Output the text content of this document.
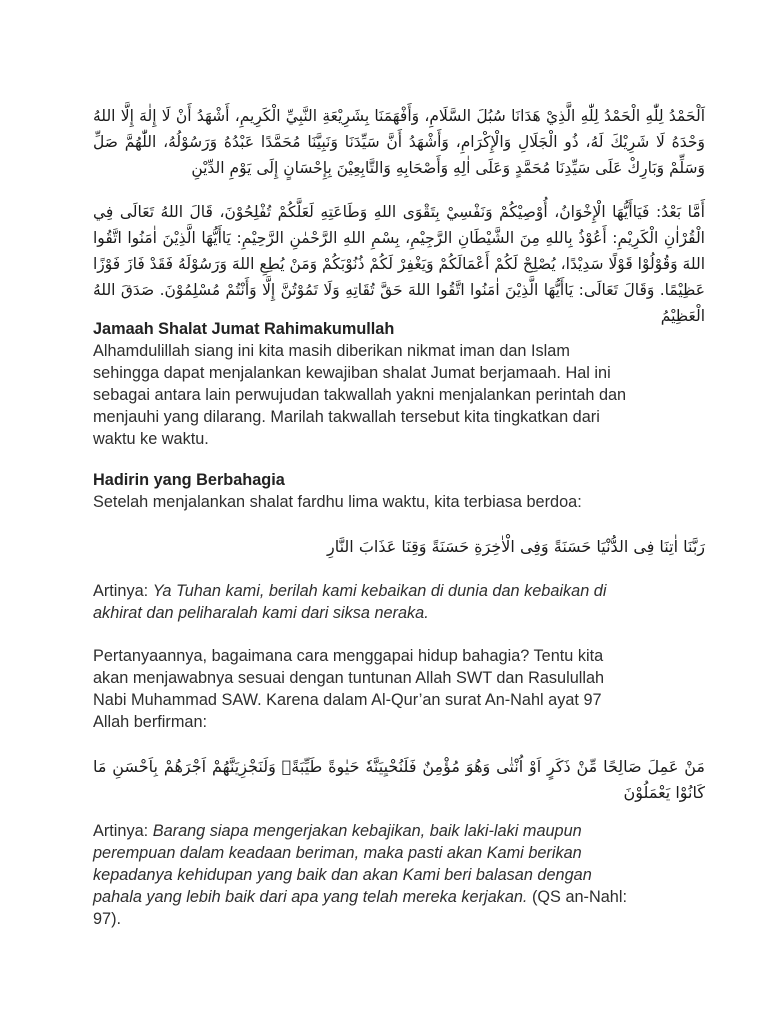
اَلْحَمْدُ لِلّٰهِ الْحَمْدُ لِلّٰهِ الَّذِيْ هَدَانَا سُبُلَ السَّلَامِ، وَأَفْهَمَنَا بِشَرِيْعَةِ النَّبِيِّ الْكَرِيمِ، أَشْهَدُ أَنْ لَا إِلٰهَ إِلَّا اللهُ وَحْدَهُ لَا شَرِيْكَ لَهُ، ذُو الْجَلَالِ وَالْإِكْرَامِ، وَأَشْهَدُ أَنَّ سَيِّدَنَا وَنَبِيَّنَا مُحَمَّدًا عَبْدُهُ وَرَسُوْلُهُ، اللّٰهُمَّ صَلِّ وَسَلِّمْ وَبَارِكْ عَلَى سَيِّدِنَا مُحَمَّدٍ وَعَلَى اٰلِهِ وَأَصْحَابِهِ وَالتَّابِعِيْنَ بِإِحْسَانٍ إِلَى يَوْمِ الدِّيْنِ
أَمَّا بَعْدُ: فَيَاأَيُّهَا الْإِخْوَانُ، أُوْصِيْكُمْ وَنَفْسِيْ بِتَقْوَى اللهِ وَطَاعَتِهِ لَعَلَّكُمْ تُفْلِحُوْنَ، قَالَ اللهُ تَعَالَى فِي الْقُرْاٰنِ الْكَرِيْمِ: أَعُوْذُ بِاللهِ مِنَ الشَّيْطَانِ الرَّجِيْمِ، بِسْمِ اللهِ الرَّحْمٰنِ الرَّحِيْمِ: يَاأَيُّهَا الَّذِيْنَ اٰمَنُوا اتَّقُوا اللهَ وَقُوْلُوْا قَوْلًا سَدِيْدًا، يُصْلِحْ لَكُمْ أَعْمَالَكُمْ وَيَغْفِرْ لَكُمْ ذُنُوْبَكُمْ وَمَنْ يُطِعِ اللهَ وَرَسُوْلَهُ فَقَدْ فَازَ فَوْزًا عَظِيْمًا. وَقَالَ تَعَالَى: يَاأَيُّهَا الَّذِيْنَ اٰمَنُوا اتَّقُوا اللهَ حَقَّ تُقَاتِهِ وَلَا تَمُوْتُنَّ إِلَّا وَأَنْتُمْ مُسْلِمُوْنَ. صَدَقَ اللهُ الْعَظِيْمُ
Jamaah Shalat Jumat Rahimakumullah
Alhamdulillah siang ini kita masih diberikan nikmat iman dan Islam
sehingga dapat menjalankan kewajiban shalat Jumat berjamaah. Hal ini
sebagai antara lain perwujudan takwallah yakni menjalankan perintah dan
menjauhi yang dilarang. Marilah takwallah tersebut kita tingkatkan dari
waktu ke waktu.
Hadirin yang Berbahagia
Setelah menjalankan shalat fardhu lima waktu, kita terbiasa berdoa:
رَبَّنَا اٰتِنَا فِى الدُّنْيَا حَسَنَةً وَفِى الْاٰخِرَةِ حَسَنَةً وَقِنَا عَذَابَ النَّارِ
Artinya: Ya Tuhan kami, berilah kami kebaikan di dunia dan kebaikan di
akhirat dan peliharalah kami dari siksa neraka.
Pertanyaannya, bagaimana cara menggapai hidup bahagia? Tentu kita
akan menjawabnya sesuai dengan tuntunan Allah SWT dan Rasulullah
Nabi Muhammad SAW. Karena dalam Al-Qur’an surat An-Nahl ayat 97
Allah berfirman:
مَنْ عَمِلَ صَالِحًا مِّنْ ذَكَرٍ اَوْ اُنْثٰى وَهُوَ مُؤْمِنٌ فَلَنُحْيِيَنَّهٗ حَيٰوةً طَيِّبَةًۚ وَلَنَجْزِيَنَّهُمْ اَجْرَهُمْ بِاَحْسَنِ مَا كَانُوْا يَعْمَلُوْنَ
Artinya: Barang siapa mengerjakan kebajikan, baik laki-laki maupun
perempuan dalam keadaan beriman, maka pasti akan Kami berikan
kepadanya kehidupan yang baik dan akan Kami beri balasan dengan
pahala yang lebih baik dari apa yang telah mereka kerjakan. (QS an-Nahl:
97).
